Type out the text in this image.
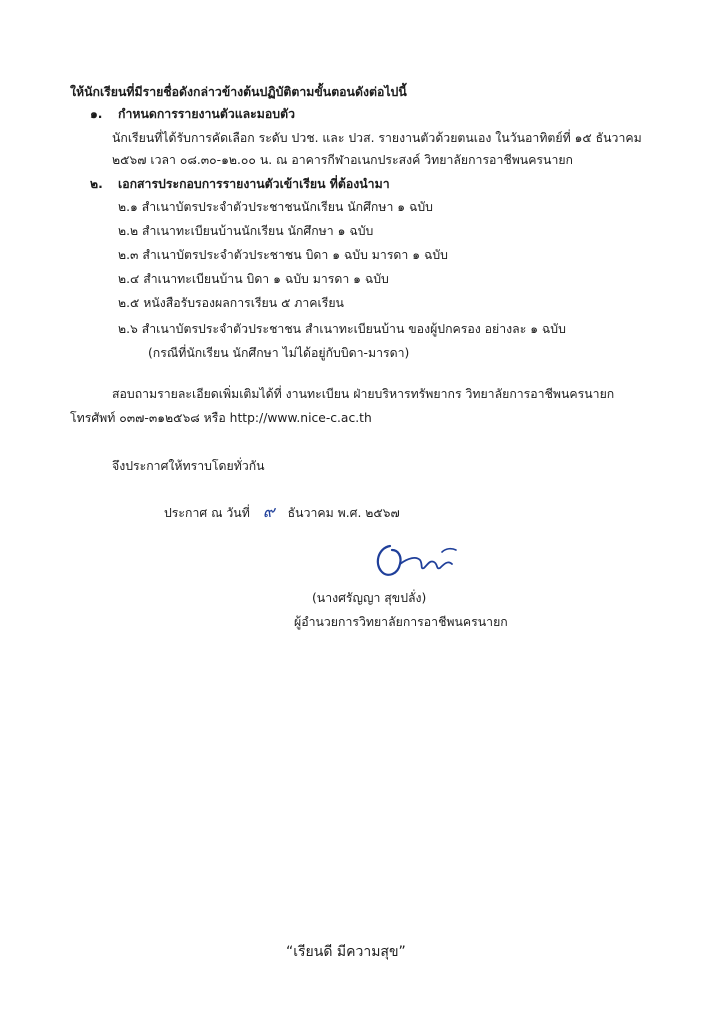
ให้นักเรียนที่มีรายชื่อดังกล่าวข้างต้นปฏิบัติตามขั้นตอนดังต่อไปนี้
๑. กำหนดการรายงานตัวและมอบตัว
นักเรียนที่ได้รับการคัดเลือก ระดับ ปวช. และ ปวส. รายงานตัวด้วยตนเอง ในวันอาทิตย์ที่ ๑๕ ธันวาคม
๒๕๖๗ เวลา ๐๘.๓๐-๑๒.๐๐ น. ณ อาคารกีฬาอเนกประสงค์ วิทยาลัยการอาชีพนครนายก
๒. เอกสารประกอบการรายงานตัวเข้าเรียน ที่ต้องนำมา
๒.๑ สำเนาบัตรประจำตัวประชาชนนักเรียน นักศึกษา ๑ ฉบับ
๒.๒ สำเนาทะเบียนบ้านนักเรียน นักศึกษา ๑ ฉบับ
๒.๓ สำเนาบัตรประจำตัวประชาชน บิดา ๑ ฉบับ มารดา ๑ ฉบับ
๒.๔ สำเนาทะเบียนบ้าน บิดา ๑ ฉบับ มารดา ๑ ฉบับ
๒.๕ หนังสือรับรองผลการเรียน ๕ ภาคเรียน
๒.๖ สำเนาบัตรประจำตัวประชาชน สำเนาทะเบียนบ้าน ของผู้ปกครอง อย่างละ ๑ ฉบับ
(กรณีที่นักเรียน นักศึกษา ไม่ได้อยู่กับบิดา-มารดา)
สอบถามรายละเอียดเพิ่มเติมได้ที่ งานทะเบียน ฝ่ายบริหารทรัพยากร วิทยาลัยการอาชีพนครนายก
โทรศัพท์ ๐๓๗-๓๑๒๕๖๘ หรือ http://www.nice-c.ac.th
จึงประกาศให้ทราบโดยทั่วกัน
ประกาศ ณ วันที่ ๙ ธันวาคม พ.ศ. ๒๕๖๗
(นางศรัญญา สุขปลั่ง)
ผู้อำนวยการวิทยาลัยการอาชีพนครนายก
“เรียนดี มีความสุข”
